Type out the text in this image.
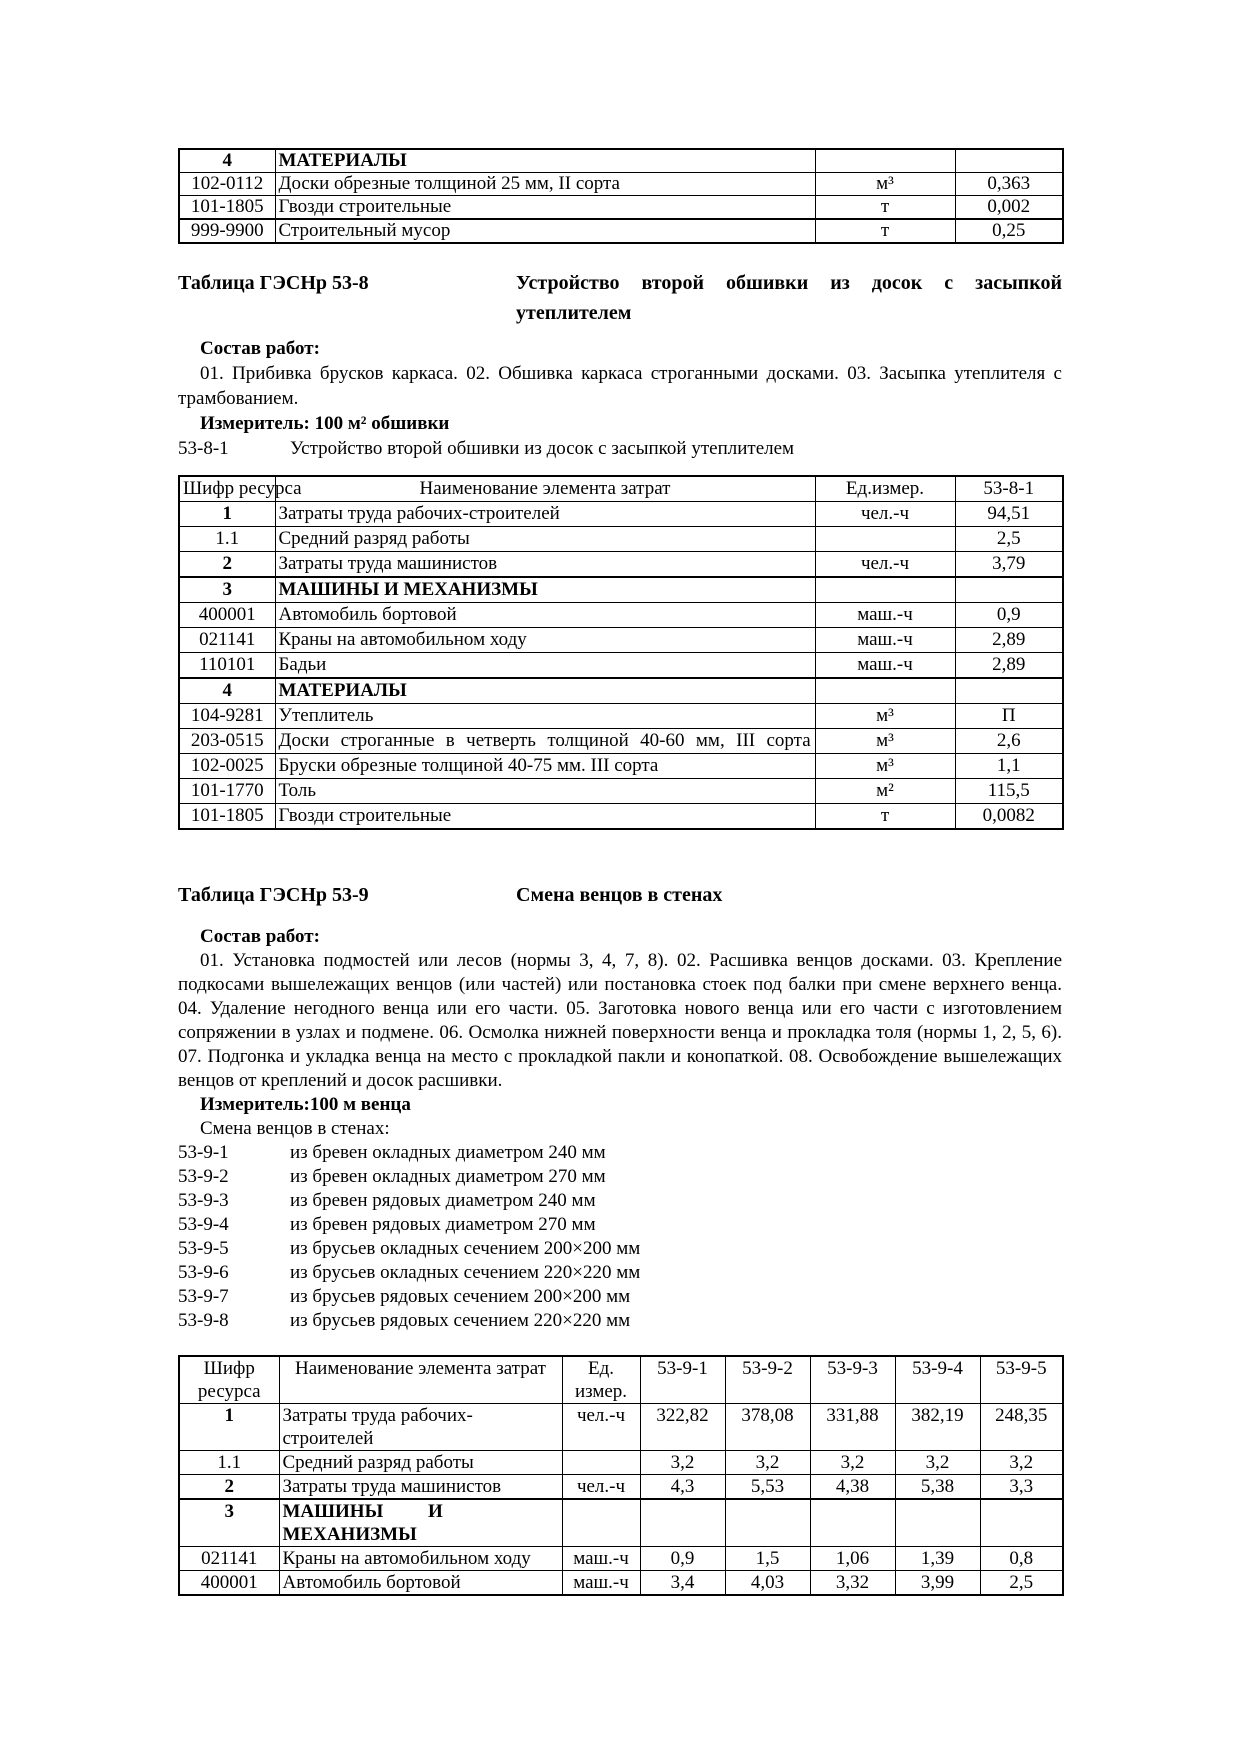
4	МАТЕРИАЛЫ		
102-0112	Доски обрезные толщиной 25 мм, II сорта	м³	0,363
101-1805	Гвозди строительные	т	0,002
999-9900	Строительный мусор	т	0,25
Таблица ГЭСНр 53-8	Устройство второй обшивки из досок с засыпкой утеплителем
Состав работ:
01. Прибивка брусков каркаса. 02. Обшивка каркаса строганными досками. 03. Засыпка утеплителя с трамбованием.
Измеритель: 100 м² обшивки
53-8-1	Устройство второй обшивки из досок с засыпкой утеплителем
Шифр ресурса	Наименование элемента затрат	Ед.измер.	53-8-1
1	Затраты труда рабочих-строителей	чел.-ч	94,51
1.1	Средний разряд работы		2,5
2	Затраты труда машинистов	чел.-ч	3,79
3	МАШИНЫ И МЕХАНИЗМЫ		
400001	Автомобиль бортовой	маш.-ч	0,9
021141	Краны на автомобильном ходу	маш.-ч	2,89
110101	Бадьи	маш.-ч	2,89
4	МАТЕРИАЛЫ		
104-9281	Утеплитель	м³	П
203-0515	Доски строганные в четверть толщиной 40-60 мм, III сорта	м³	2,6
102-0025	Бруски обрезные толщиной 40-75 мм. III сорта	м³	1,1
101-1770	Толь	м²	115,5
101-1805	Гвозди строительные	т	0,0082
Таблица ГЭСНр 53-9	Смена венцов в стенах
Состав работ:
01. Установка подмостей или лесов (нормы 3, 4, 7, 8). 02. Расшивка венцов досками. 03. Крепление подкосами вышележащих венцов (или частей) или постановка стоек под балки при смене верхнего венца. 04. Удаление негодного венца или его части. 05. Заготовка нового венца или его части с изготовлением сопряжении в узлах и подмене. 06. Осмолка нижней поверхности венца и прокладка толя (нормы 1, 2, 5, 6). 07. Подгонка и укладка венца на место с прокладкой пакли и конопаткой. 08. Освобождение вышележащих венцов от креплений и досок расшивки.
Измеритель:100 м венца
Смена венцов в стенах:
53-9-1	из бревен окладных диаметром 240 мм
53-9-2	из бревен окладных диаметром 270 мм
53-9-3	из бревен рядовых диаметром 240 мм
53-9-4	из бревен рядовых диаметром 270 мм
53-9-5	из брусьев окладных сечением 200×200 мм
53-9-6	из брусьев окладных сечением 220×220 мм
53-9-7	из брусьев рядовых сечением 200×200 мм
53-9-8	из брусьев рядовых сечением 220×220 мм
Шифр ресурса	Наименование элемента затрат	Ед. измер.	53-9-1	53-9-2	53-9-3	53-9-4	53-9-5
1	Затраты труда рабочих-строителей	чел.-ч	322,82	378,08	331,88	382,19	248,35
1.1	Средний разряд работы		3,2	3,2	3,2	3,2	3,2
2	Затраты труда машинистов	чел.-ч	4,3	5,53	4,38	5,38	3,3
3	МАШИНЫ И МЕХАНИЗМЫ						
021141	Краны на автомобильном ходу	маш.-ч	0,9	1,5	1,06	1,39	0,8
400001	Автомобиль бортовой	маш.-ч	3,4	4,03	3,32	3,99	2,5
